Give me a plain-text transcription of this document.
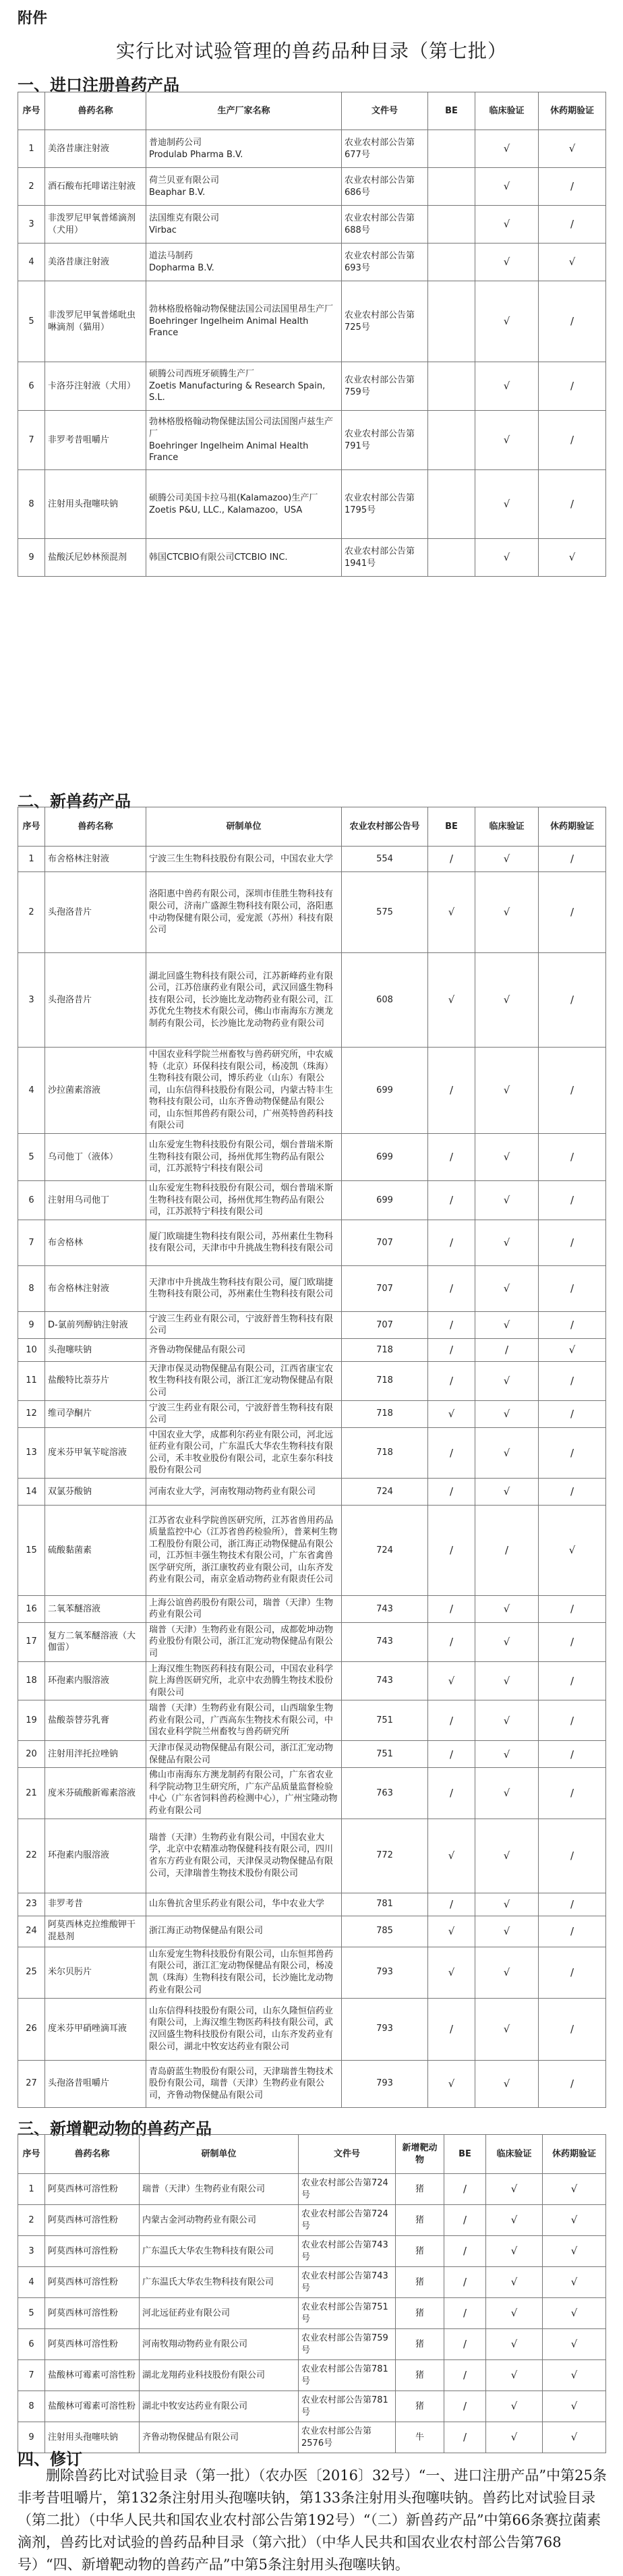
附件
实行比对试验管理的兽药品种目录（第七批）
一、进口注册兽药产品
序号	兽药名称	生产厂家名称	文件号	BE	临床验证	休药期验证
1	美洛昔康注射液	普迪制药公司
Produlab Pharma B.V.	农业农村部公告第677号		√	√
2	酒石酸布托啡诺注射液	荷兰贝亚有限公司
Beaphar B.V.	农业农村部公告第686号		√	/
3	非泼罗尼甲氧普烯滴剂（犬用）	法国维克有限公司
Virbac	农业农村部公告第688号		√	/
4	美洛昔康注射液	道法马制药
Dopharma B.V.	农业农村部公告第693号		√	√
5	非泼罗尼甲氧普烯吡虫啉滴剂（猫用）	勃林格殷格翰动物保健法国公司法国里昂生产厂
Boehringer Ingelheim Animal Health France	农业农村部公告第725号		√	/
6	卡洛芬注射液（犬用）	硕腾公司西班牙硕腾生产厂
Zoetis Manufacturing & Research Spain, S.L.	农业农村部公告第759号		√	/
7	非罗考昔咀嚼片	勃林格殷格翰动物保健法国公司法国图卢兹生产厂
Boehringer Ingelheim Animal Health France	农业农村部公告第791号		√	/
8	注射用头孢噻呋钠	硕腾公司美国卡拉马祖(Kalamazoo)生产厂 Zoetis P&U, LLC., Kalamazoo，USA	农业农村部公告第1795号		√	/
9	盐酸沃尼妙林预混剂	韩国CTCBIO有限公司CTCBIO INC.	农业农村部公告第1941号		√	√
二、新兽药产品
序号	兽药名称	研制单位	农业农村部公告号	BE	临床验证	休药期验证
1	布舍格林注射液	宁波三生生物科技股份有限公司，中国农业大学	554	/	√	/
2	头孢洛昔片	洛阳惠中兽药有限公司，深圳市佳胜生物科技有限公司，济南广盛源生物科技有限公司，洛阳惠中动物保健有限公司，爱宠派（苏州）科技有限公司	575	√	√	/
3	头孢洛昔片	湖北回盛生物科技有限公司，江苏新峰药业有限公司，江苏倍康药业有限公司，武汉回盛生物科技有限公司，长沙施比龙动物药业有限公司，江苏优允生物技术有限公司，佛山市南海东方澳龙制药有限公司，长沙施比龙动物药业有限公司	608	√	√	/
4	沙拉菌素溶液	中国农业科学院兰州畜牧与兽药研究所，中农威特（北京）环保科技有限公司，杨凌凯（珠海）生物科技有限公司，博乐药业（山东）有限公司，山东信得科技股份有限公司，内蒙古特丰生物科技有限公司，山东齐鲁动物保健品有限公司，山东恒邦兽药有限公司，广州英特兽药科技有限公司	699	/	√	/
5	乌司他丁（液体）	山东爱宠生物科技股份有限公司，烟台普瑞米斯生物科技有限公司，扬州优邦生物药品有限公司，江苏派特宁科技有限公司	699	/	√	/
6	注射用乌司他丁	山东爱宠生物科技股份有限公司，烟台普瑞米斯生物科技有限公司，扬州优邦生物药品有限公司，江苏派特宁科技有限公司	699	/	√	/
7	布舍格林	厦门欧瑞捷生物科技有限公司，苏州素仕生物科技有限公司，天津市中升挑战生物科技有限公司	707	/	√	/
8	布舍格林注射液	天津市中升挑战生物科技有限公司，厦门欧瑞捷生物科技有限公司，苏州素仕生物科技有限公司	707	/	√	/
9	D-氯前列醇钠注射液	宁波三生药业有限公司，宁波舒普生物科技有限公司	707	/	√	/
10	头孢噻呋钠	齐鲁动物保健品有限公司	718	/	/	√
11	盐酸特比萘芬片	天津市保灵动物保健品有限公司，江西省康宝农牧生物科技有限公司，浙江汇宠动物保健品有限公司	718	/	√	/
12	维司孕酮片	宁波三生药业有限公司，宁波舒普生物科技有限公司	718	√	√	/
13	度米芬甲氧苄啶溶液	中国农业大学，成都利尔药业有限公司，河北远征药业有限公司，广东温氏大华农生物科技有限公司，禾丰牧业股份有限公司，北京生泰尔科技股份有限公司	718	/	√	/
14	双氯芬酸钠	河南农业大学，河南牧翔动物药业有限公司	724	/	√	/
15	硫酸黏菌素	江苏省农业科学院兽医研究所，江苏省兽用药品质量监控中心（江苏省兽药检验所），普莱柯生物工程股份有限公司，浙江海正动物保健品有限公司，江苏恒丰强生物技术有限公司，广东省禽兽医学研究所，浙江康牧药业有限公司，山东齐发药业有限公司，南京金盾动物药业有限责任公司	724	/	/	√
16	二氧苯醚溶液	上海公谊兽药股份有限公司，瑞普（天津）生物药业有限公司	743	/	√	/
17	复方二氧苯醚溶液（大伽雷）	瑞普（天津）生物药业有限公司，成都乾坤动物药业股份有限公司，浙江汇宠动物保健品有限公司	743	/	√	/
18	环孢素内服溶液	上海汉维生物医药科技有限公司，中国农业科学院上海兽医研究所，北京中农劲腾生物技术股份有限公司	743	√	√	/
19	盐酸萘替芬乳膏	瑞普（天津）生物药业有限公司，山西瑞象生物药业有限公司，广西高东生物技术有限公司，中国农业科学院兰州畜牧与兽药研究所	751	/	√	/
20	注射用泮托拉唑钠	天津市保灵动物保健品有限公司，浙江汇宠动物保健品有限公司	751	/	√	/
21	度米芬硫酸新霉素溶液	佛山市南海东方澳龙制药有限公司，广东省农业科学院动物卫生研究所，广东产品质量监督检验中心（广东省饲料兽药检测中心），广州宝隆动物药业有限公司	763	/	√	/
22	环孢素内服溶液	瑞普（天津）生物药业有限公司，中国农业大学，北京中农精准动物保健科技有限公司，四川省东方药业有限公司，天津保灵动物保健品有限公司，天津瑞普生物技术股份有限公司	772	√	√	/
23	非罗考昔	山东鲁抗舍里乐药业有限公司，华中农业大学	781	/	√	/
24	阿莫西林克拉维酸钾干混悬剂	浙江海正动物保健品有限公司	785	√	√	/
25	米尔贝肟片	山东爱宠生物科技股份有限公司，山东恒邦兽药有限公司，浙江汇宠动物保健品有限公司，杨凌凯（珠海）生物科技有限公司，长沙施比龙动物药业有限公司	793	√	√	/
26	度米芬甲硝唑滴耳液	山东信得科技股份有限公司，山东久隆恒信药业有限公司，上海汉维生物医药科技有限公司，武汉回盛生物科技股份有限公司，山东齐发药业有限公司，湖北中牧安达药业有限公司	793	/	√	/
27	头孢洛昔咀嚼片	青岛蔚蓝生物股份有限公司，天津瑞普生物技术股份有限公司，瑞普（天津）生物药业有限公司，齐鲁动物保健品有限公司	793	√	√	/
三、新增靶动物的兽药产品
序号	兽药名称	研制单位	文件号	新增靶动物	BE	临床验证	休药期验证
1	阿莫西林可溶性粉	瑞普（天津）生物药业有限公司	农业农村部公告第724号	猪	/	√	√
2	阿莫西林可溶性粉	内蒙古金河动物药业有限公司	农业农村部公告第724号	猪	/	√	√
3	阿莫西林可溶性粉	广东温氏大华农生物科技有限公司	农业农村部公告第743号	猪	/	√	√
4	阿莫西林可溶性粉	广东温氏大华农生物科技有限公司	农业农村部公告第743号	猪	/	√	√
5	阿莫西林可溶性粉	河北远征药业有限公司	农业农村部公告第751号	猪	/	√	√
6	阿莫西林可溶性粉	河南牧翔动物药业有限公司	农业农村部公告第759号	猪	/	√	√
7	盐酸林可霉素可溶性粉	湖北龙翔药业科技股份有限公司	农业农村部公告第781号	猪	/	√	√
8	盐酸林可霉素可溶性粉	湖北中牧安达药业有限公司	农业农村部公告第781号	猪	/	√	√
9	注射用头孢噻呋钠	齐鲁动物保健品有限公司	农业农村部公告第2576号	牛	/	√	√
四、修订
删除兽药比对试验目录（第一批）（农办医〔2016〕32号）“一、进口注册产品”中第25条非考昔咀嚼片，第132条注射用头孢噻呋钠，第133条注射用头孢噻呋钠。兽药比对试验目录（第二批）（中华人民共和国农业农村部公告第192号）“（二）新兽药产品”中第66条赛拉菌素滴剂，兽药比对试验的兽药品种目录（第六批）（中华人民共和国农业农村部公告第768号）“四、新增靶动物的兽药产品”中第5条注射用头孢噻呋钠。
